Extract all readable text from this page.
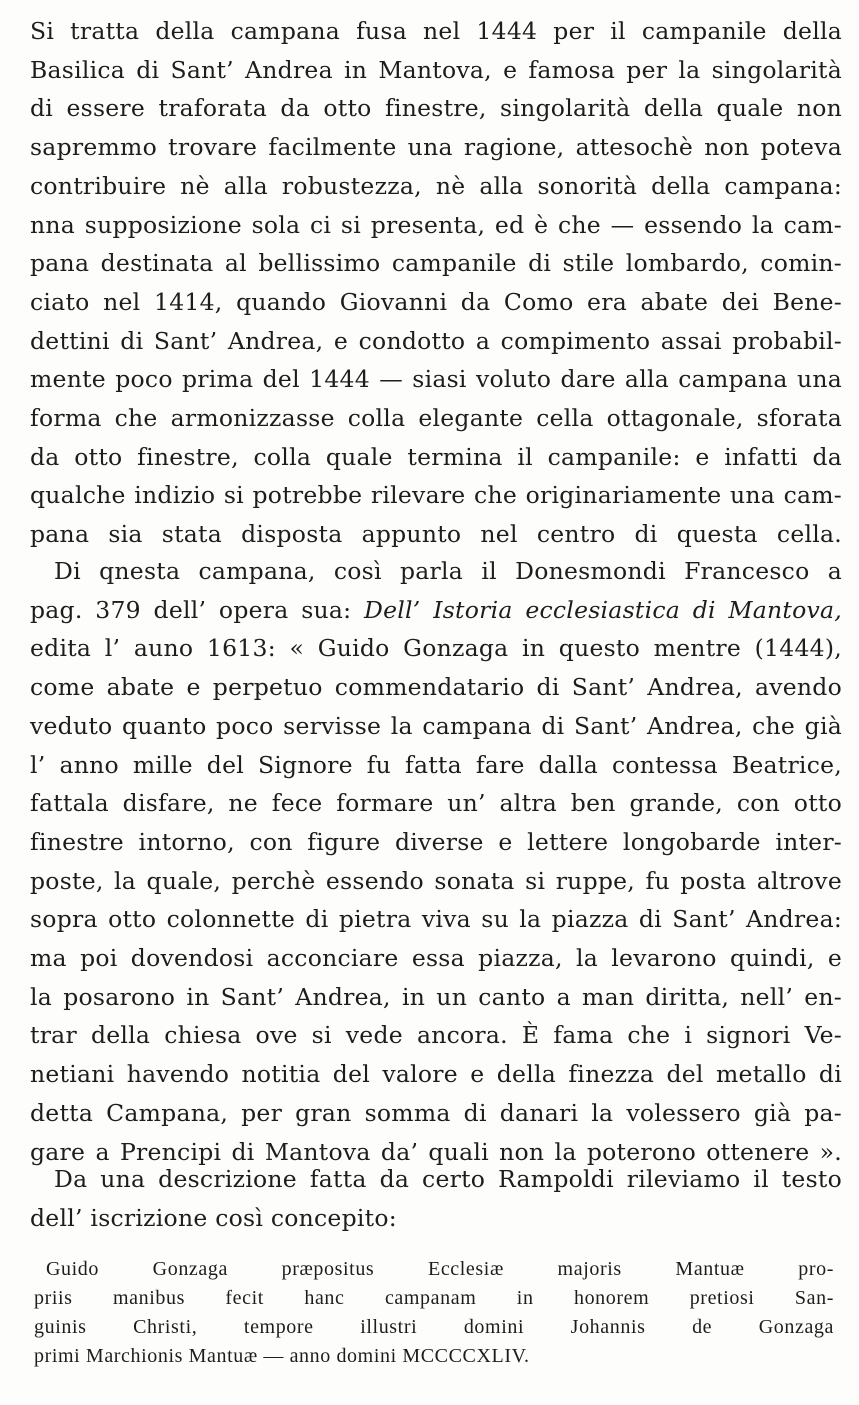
Si tratta della campana fusa nel 1444 per il campanile della
Basilica di Sant’ Andrea in Mantova, e famosa per la singolarità
di essere traforata da otto finestre, singolarità della quale non
sapremmo trovare facilmente una ragione, attesochè non poteva
contribuire nè alla robustezza, nè alla sonorità della campana:
nna supposizione sola ci si presenta, ed è che — essendo la cam-
pana destinata al bellissimo campanile di stile lombardo, comin-
ciato nel 1414, quando Giovanni da Como era abate dei Bene-
dettini di Sant’ Andrea, e condotto a compimento assai probabil-
mente poco prima del 1444 — siasi voluto dare alla campana una
forma che armonizzasse colla elegante cella ottagonale, sforata
da otto finestre, colla quale termina il campanile: e infatti da
qualche indizio si potrebbe rilevare che originariamente una cam-
pana sia stata disposta appunto nel centro di questa cella.
Di qnesta campana, così parla il Donesmondi Francesco a
pag. 379 dell’ opera sua: Dell’ Istoria ecclesiastica di Mantova,
edita l’ auno 1613: « Guido Gonzaga in questo mentre (1444),
come abate e perpetuo commendatario di Sant’ Andrea, avendo
veduto quanto poco servisse la campana di Sant’ Andrea, che già
l’ anno mille del Signore fu fatta fare dalla contessa Beatrice,
fattala disfare, ne fece formare un’ altra ben grande, con otto
finestre intorno, con figure diverse e lettere longobarde inter-
poste, la quale, perchè essendo sonata si ruppe, fu posta altrove
sopra otto colonnette di pietra viva su la piazza di Sant’ Andrea:
ma poi dovendosi acconciare essa piazza, la levarono quindi, e
la posarono in Sant’ Andrea, in un canto a man diritta, nell’ en-
trar della chiesa ove si vede ancora. È fama che i signori Ve-
netiani havendo notitia del valore e della finezza del metallo di
detta Campana, per gran somma di danari la volessero già pa-
gare a Prencipi di Mantova da’ quali non la poterono ottenere ».
Da una descrizione fatta da certo Rampoldi rileviamo il testo
dell’ iscrizione così concepito:
Guido Gonzaga præpositus Ecclesiæ majoris Mantuæ pro-
priis manibus fecit hanc campanam in honorem pretiosi San-
guinis Christi, tempore illustri domini Johannis de Gonzaga
primi Marchionis Mantuæ — anno domini MCCCCXLIV.
